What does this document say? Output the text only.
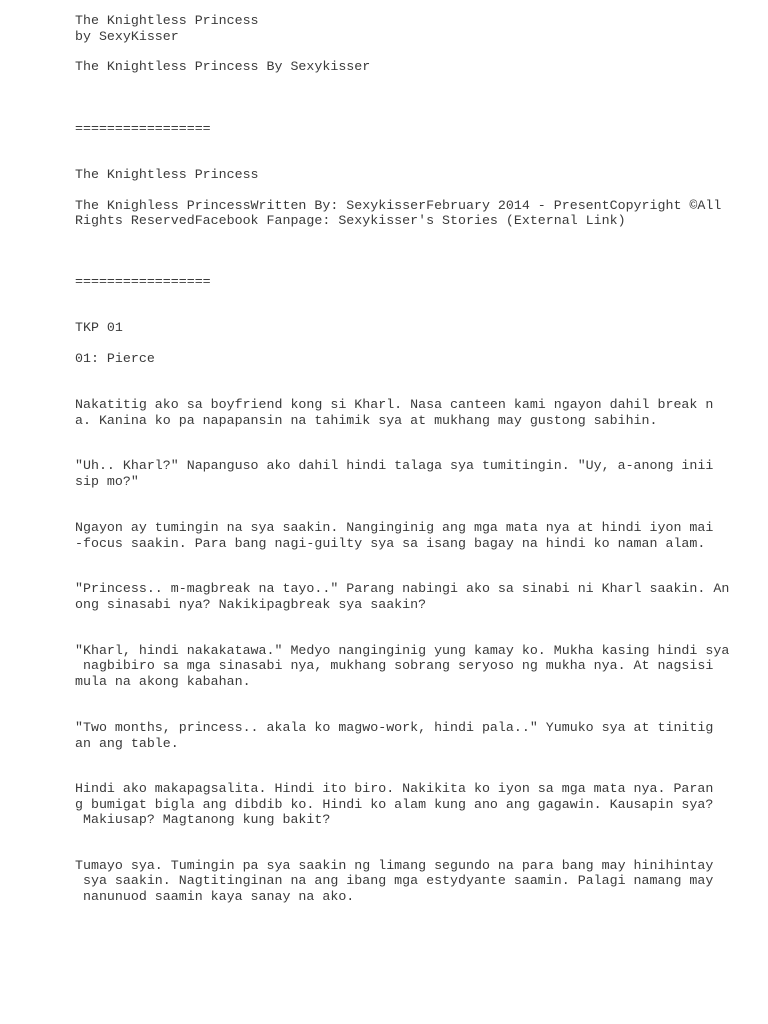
The Knightless Princess

by SexyKisser

The Knightless Princess By Sexykisser

=================

The Knightless Princess

The Knighless PrincessWritten By: SexykisserFebruary 2014 - PresentCopyright ©All

Rights ReservedFacebook Fanpage: Sexykisser's Stories (External Link)

=================

TKP 01

01: Pierce

Nakatitig ako sa boyfriend kong si Kharl. Nasa canteen kami ngayon dahil break n

a. Kanina ko pa napapansin na tahimik sya at mukhang may gustong sabihin.

"Uh.. Kharl?" Napanguso ako dahil hindi talaga sya tumitingin. "Uy, a-anong inii

sip mo?"

Ngayon ay tumingin na sya saakin. Nanginginig ang mga mata nya at hindi iyon mai

-focus saakin. Para bang nagi-guilty sya sa isang bagay na hindi ko naman alam.

"Princess.. m-magbreak na tayo.." Parang nabingi ako sa sinabi ni Kharl saakin. An

ong sinasabi nya? Nakikipagbreak sya saakin?

"Kharl, hindi nakakatawa." Medyo nanginginig yung kamay ko. Mukha kasing hindi sya

nagbibiro sa mga sinasabi nya, mukhang sobrang seryoso ng mukha nya. At nagsisi

mula na akong kabahan.

"Two months, princess.. akala ko magwo-work, hindi pala.." Yumuko sya at tinitig

an ang table.

Hindi ako makapagsalita. Hindi ito biro. Nakikita ko iyon sa mga mata nya. Paran

g bumigat bigla ang dibdib ko. Hindi ko alam kung ano ang gagawin. Kausapin sya?

Makiusap? Magtanong kung bakit?

Tumayo sya. Tumingin pa sya saakin ng limang segundo na para bang may hinihintay

sya saakin. Nagtitinginan na ang ibang mga estydyante saamin. Palagi namang may

nanunuod saamin kaya sanay na ako.
